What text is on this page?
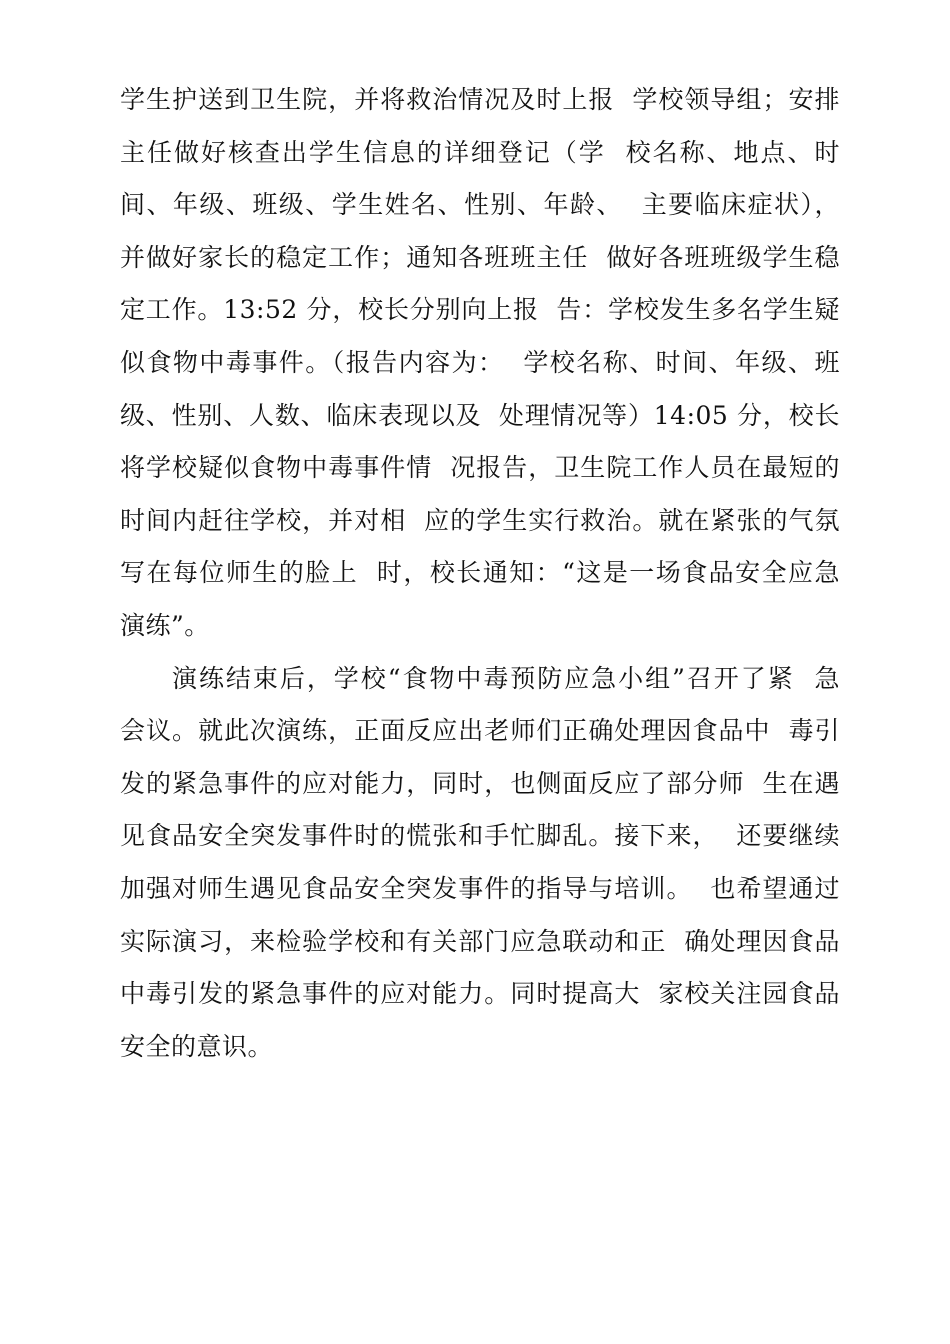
学生护送到卫生院，并将救治情况及时上报  学校领导组；安排
主任做好核查出学生信息的详细登记（学  校名称、地点、时
间、年级、班级、学生姓名、性别、年龄、  主要临床症状），
并做好家长的稳定工作；通知各班班主任  做好各班班级学生稳
定工作。13:52 分，校长分别向上报  告：学校发生多名学生疑
似食物中毒事件。（报告内容为：  学校名称、时间、年级、班
级、性别、人数、临床表现以及  处理情况等）14:05 分，校长
将学校疑似食物中毒事件情  况报告，卫生院工作人员在最短的
时间内赶往学校，并对相  应的学生实行救治。就在紧张的气氛
写在每位师生的脸上  时，校长通知：“这是一场食品安全应急
演练”。
演练结束后，学校“食物中毒预防应急小组”召开了紧  急
会议。就此次演练，正面反应出老师们正确处理因食品中  毒引
发的紧急事件的应对能力，同时，也侧面反应了部分师  生在遇
见食品安全突发事件时的慌张和手忙脚乱。接下来，  还要继续
加强对师生遇见食品安全突发事件的指导与培训。  也希望通过
实际演习，来检验学校和有关部门应急联动和正  确处理因食品
中毒引发的紧急事件的应对能力。同时提高大  家校关注园食品
安全的意识。
